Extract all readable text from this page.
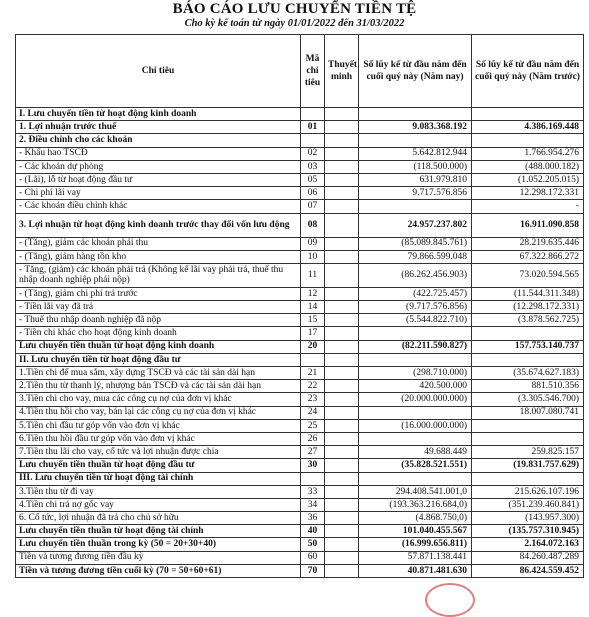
BÁO CÁO LƯU CHUYỂN TIỀN TỆ
Cho kỳ kế toán từ ngày 01/01/2022 đến 31/03/2022
Chỉ tiêu	Mã chỉ tiêu	Thuyết minh	Số lũy kế từ đầu năm đến cuối quý này (Năm nay)	Số lũy kế từ đầu năm đến cuối quý này (Năm trước)
I. Lưu chuyển tiền từ hoạt động kinh doanh				
1. Lợi nhuận trước thuế	01		9.083.368.192	4.386.169.448
2. Điều chỉnh cho các khoản				
- Khấu hao TSCĐ	02		5.642.812.944	1.766.954.276
- Các khoản dự phòng	03		(118.500.000)	(488.000.182)
- (Lãi), lỗ từ hoạt động đầu tư	05		631.979.810	(1.052.205.015)
- Chi phí lãi vay	06		9.717.576.856	12.298.172.331
- Các khoản điều chỉnh khác	07			-
3. Lợi nhuận từ hoạt động kinh doanh trước thay đổi vốn lưu động	08		24.957.237.802	16.911.090.858
- (Tăng), giảm các khoản phải thu	09		(85.089.845.761)	28.219.635.446
- (Tăng), giảm hàng tồn kho	10		79.866.599.048	67.322.866.272
- Tăng, (giảm) các khoản phải trả (Không kể lãi vay phải trả, thuế thu nhập doanh nghiệp phải nộp)	11		(86.262.456.903)	73.020.594.565
- (Tăng), giảm chi phí trả trước	12		(422.725.457)	(11.544.311.348)
- Tiền lãi vay đã trả	14		(9.717.576.856)	(12.298.172.331)
- Thuế thu nhập doanh nghiệp đã nộp	15		(5.544.822.710)	(3.878.562.725)
- Tiền chi khác cho hoạt động kinh doanh	17			
Lưu chuyển tiền thuần từ hoạt động kinh doanh	20		(82.211.590.827)	157.753.140.737
II. Lưu chuyển tiền từ hoạt động đầu tư				
1.Tiền chi để mua sắm, xây dựng TSCĐ và các tài sản dài hạn	21		(298.710.000)	(35.674.627.183)
2.Tiền thu từ thanh lý, nhượng bán TSCĐ và các tài sản dài hạn	22		420.500.000	881.510.356
3.Tiền chi cho vay, mua các công cụ nợ của đơn vị khác	23		(20.000.000.000)	(3.305.546.700)
4.Tiền thu hồi cho vay, bán lại các công cụ nợ của đơn vị khác	24			18.007.080.741
5.Tiền chi đầu tư góp vốn vào đơn vị khác	25		(16.000.000.000)	
6.Tiền thu hồi đầu tư góp vốn vào đơn vị khác	26			
7.Tiền thu lãi cho vay, cổ tức và lợi nhuận được chia	27		49.688.449	259.825.157
Lưu chuyển tiền thuần từ hoạt động đầu tư	30		(35.828.521.551)	(19.831.757.629)
III. Lưu chuyển tiền từ hoạt động tài chính				
3.Tiền thu từ đi vay	33		294.408.541.001,0	215.626.107.196
4.Tiền chi trả nợ gốc vay	34		(193.363.216.684,0)	(351.239.460.841)
6. Cổ tức, lợi nhuận đã trả cho chủ sở hữu	36		(4.868.750,0)	(143.957.300)
Lưu chuyển tiền thuần từ hoạt động tài chính	40		101.040.455.567	(135.757.310.945)
Lưu chuyển tiền thuần trong kỳ (50 = 20+30+40)	50		(16.999.656.811)	2.164.072.163
Tiền và tương đương tiền đầu kỳ	60		57.871.138.441	84.260.487.289
Tiền và tương đương tiền cuối kỳ (70 = 50+60+61)	70		40.871.481.630	86.424.559.452
